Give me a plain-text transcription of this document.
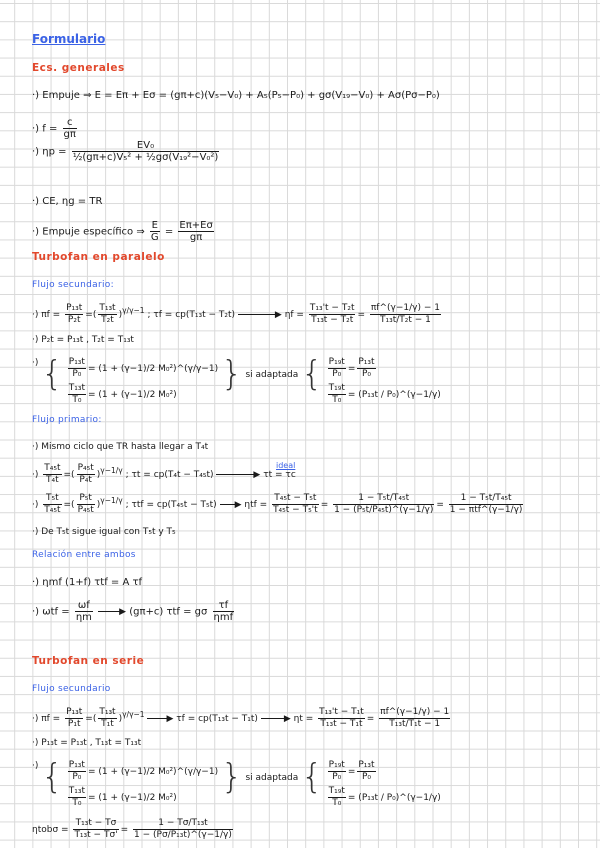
Formulario
Ecs. generales
·) Empuje ⇒ E = Eπ + Eσ = (gπ+c)(V₅−V₀) + A₅(P₅−P₀) + gσ(V₁₉−V₀) + Aσ(Pσ−P₀)
·) $f = \frac{c}{g\pi}$
·) $\eta p = \frac{\text{EV₀}}{\text{½(gπ+c)V₅² + ½gσ(V₁₉²−V₀²)}}$
·) CE, ηg = TR
·) Empuje específico ⇒ $\frac{E}{G} = \frac{E\pi+E\sigma}{g\pi}$
Turbofan en paralelo
Flujo secundario:
·) $\pi f = \frac{\text{P₁₃t}}{\text{P₂t}}$ =( $\frac{\text{T₁₃t}}{\text{T₂t}} )^{\gamma/\gamma-1}$ ; τf = cp(T₁₃t − T₂t)	▶ $\eta f = \frac{\text{T₁₃'t − T₂t}}{\text{T₁₃t − T₂t}} = \frac{\pi f\^{}(\gamma-1/\gamma) - 1}{\text{T₁₃t/T₂t − 1}}$
·) P₂t = P₁₃t , T₂t = T₁₃t
·) { $\frac{\text{P₁₃t}}{\text{P₀}} = (1 + (\gamma-1)/2$ M₀²)^(γ/γ−1)
$\frac{\text{T₁₃t}}{\text{T₀}} = (1 + (\gamma-1)/2$ M₀²)
} si adaptada { $\frac{\text{P₁₉t}}{\text{P₀}} = \frac{\text{P₁₃t}}{\text{P₀}}$
$\frac{\text{T₁₉t}}{\text{T₀}} = (P_{13}t$ / P₀)^(γ−1/γ)
Flujo primario:
·) Mismo ciclo que TR hasta llegar a T₄t
·) $\frac{\text{T₄₅t}}{\text{T₄t}}$ =( $\frac{\text{P₄₅t}}{\text{P₄t}} )^{\gamma-1/\gamma}$ ; τt = cp(T₄t − T₄₅t)	▶ τt = τc
ideal
·) $\frac{\text{T₅t}}{\text{T₄₅t}}$ =( $\frac{\text{P₅t}}{\text{P₄₅t}} )^{\gamma-1/\gamma}$ ; τtf = cp(T₄₅t − T₅t) ▶ $\eta tf = \frac{\text{T₄₅t − T₅t}}{\text{T₄₅t − T₅'t}} = \frac{\text{1 − T₅t/T₄₅t}}{\text{1 − (P₅t/P₄₅t)\textasciicircum{}(γ−1/γ)}} = \frac{\text{1 − T₅t/T₄₅t}}{\text{1 − πtf\textasciicircum{}(γ−1/γ)}}$
·) De T₅t sigue igual con T₅t y T₅
Relación entre ambos
·) ηmf (1+f) τtf = A τf
·) $\omega tf = \frac{\omega f}{\eta m}$	▶ (gπ+c) τtf = gσ $\frac{\tau f}{\text{ηmf}}$
Turbofan en serie
Flujo secundario
·) $\pi f = \frac{\text{P₁₃t}}{\text{P₁t}}$ =( $\frac{\text{T₁₃t}}{\text{T₁t}} )^{\gamma/\gamma-1}$ ▶ τf = cp(T₁₃t − T₁t)	▶ $\eta t = \frac{\text{T₁₃'t − T₁t}}{\text{T₁₃t − T₁t}} = \frac{\pi f\^{}(\gamma-1/\gamma) - 1}{\text{T₁₃t/T₁t − 1}}$
·) P₁₃t = P₁₃t , T₁₃t = T₁₃t
·) { $\frac{\text{P₁₃t}}{\text{P₀}} = (1 + (\gamma-1)/2$ M₀²)^(γ/γ−1)
$\frac{\text{T₁₃t}}{\text{T₀}} = (1 + (\gamma-1)/2$ M₀²)
} si adaptada { $\frac{\text{P₁₉t}}{\text{P₀}} = \frac{\text{P₁₃t}}{\text{P₀}}$
$\frac{\text{T₁₉t}}{\text{T₀}} = (P_{13}t$ / P₀)^(γ−1/γ)
$\eta tob\sigma = \frac{\text{T₁₃t − Tσ}}{\text{T₁₃t − Tσ'}} = \frac{\text{1 − Tσ/T₁₃t}}{\text{1 − (Pσ/P₁₃t)\textasciicircum{}(γ−1/γ)}}$
